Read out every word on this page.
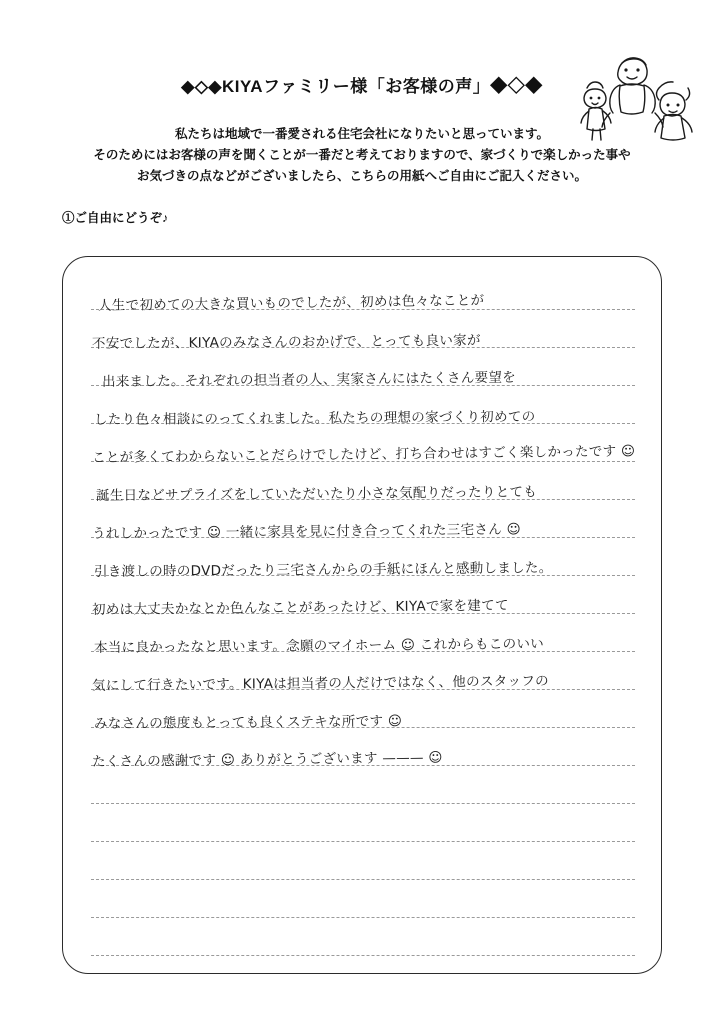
◆◇◆KIYAファミリー様「お客様の声」◆◇◆
私たちは地域で一番愛される住宅会社になりたいと思っています。
そのためにはお客様の声を聞くことが一番だと考えておりますので、家づくりで楽しかった事や
お気づきの点などがございましたら、こちらの用紙へご自由にご記入ください。
①ご自由にどうぞ♪
人生で初めての大きな買いものでしたが、初めは色々なことが
不安でしたが、KIYAのみなさんのおかげで、とっても良い家が
出来ました。それぞれの担当者の人、実家さんにはたくさん要望を
したり色々相談にのってくれました。私たちの理想の家づくり初めての
ことが多くてわからないことだらけでしたけど、打ち合わせはすごく楽しかったです ☺
誕生日などサプライズをしていただいたり小さな気配りだったりとても
うれしかったです ☺ 一緒に家具を見に付き合ってくれた三宅さん ☺
引き渡しの時のDVDだったり三宅さんからの手紙にほんと感動しました。
初めは大丈夫かなとか色んなことがあったけど、KIYAで家を建てて
本当に良かったなと思います。念願のマイホーム ☺ これからもこのいい
気にして行きたいです。KIYAは担当者の人だけではなく、他のスタッフの
みなさんの態度もとっても良くステキな所です ☺
たくさんの感謝です ☺ ありがとうございます ——— ☺
